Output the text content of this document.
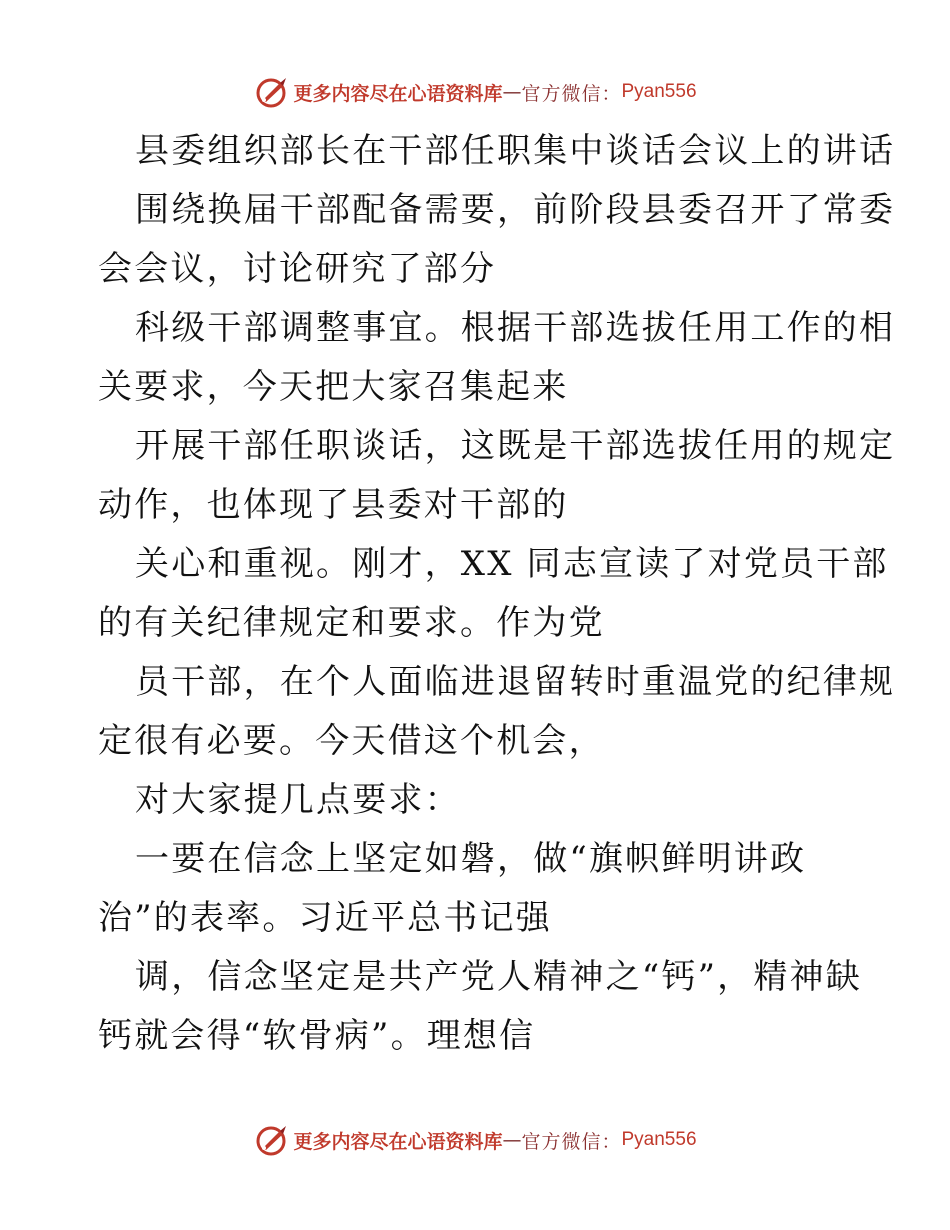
更多内容尽在心语资料库 — 官方微信： Pyan556
县委组织部长在干部任职集中谈话会议上的讲话
围绕换届干部配备需要，前阶段县委召开了常委
会会议，讨论研究了部分
科级干部调整事宜。根据干部选拔任用工作的相
关要求，今天把大家召集起来
开展干部任职谈话，这既是干部选拔任用的规定
动作，也体现了县委对干部的
关心和重视。刚才，XX 同志宣读了对党员干部
的有关纪律规定和要求。作为党
员干部，在个人面临进退留转时重温党的纪律规
定很有必要。今天借这个机会，
对大家提几点要求：
一要在信念上坚定如磐，做“旗帜鲜明讲政
治”的表率。习近平总书记强
调，信念坚定是共产党人精神之“钙”，精神缺
钙就会得“软骨病”。理想信
更多内容尽在心语资料库 — 官方微信： Pyan556
